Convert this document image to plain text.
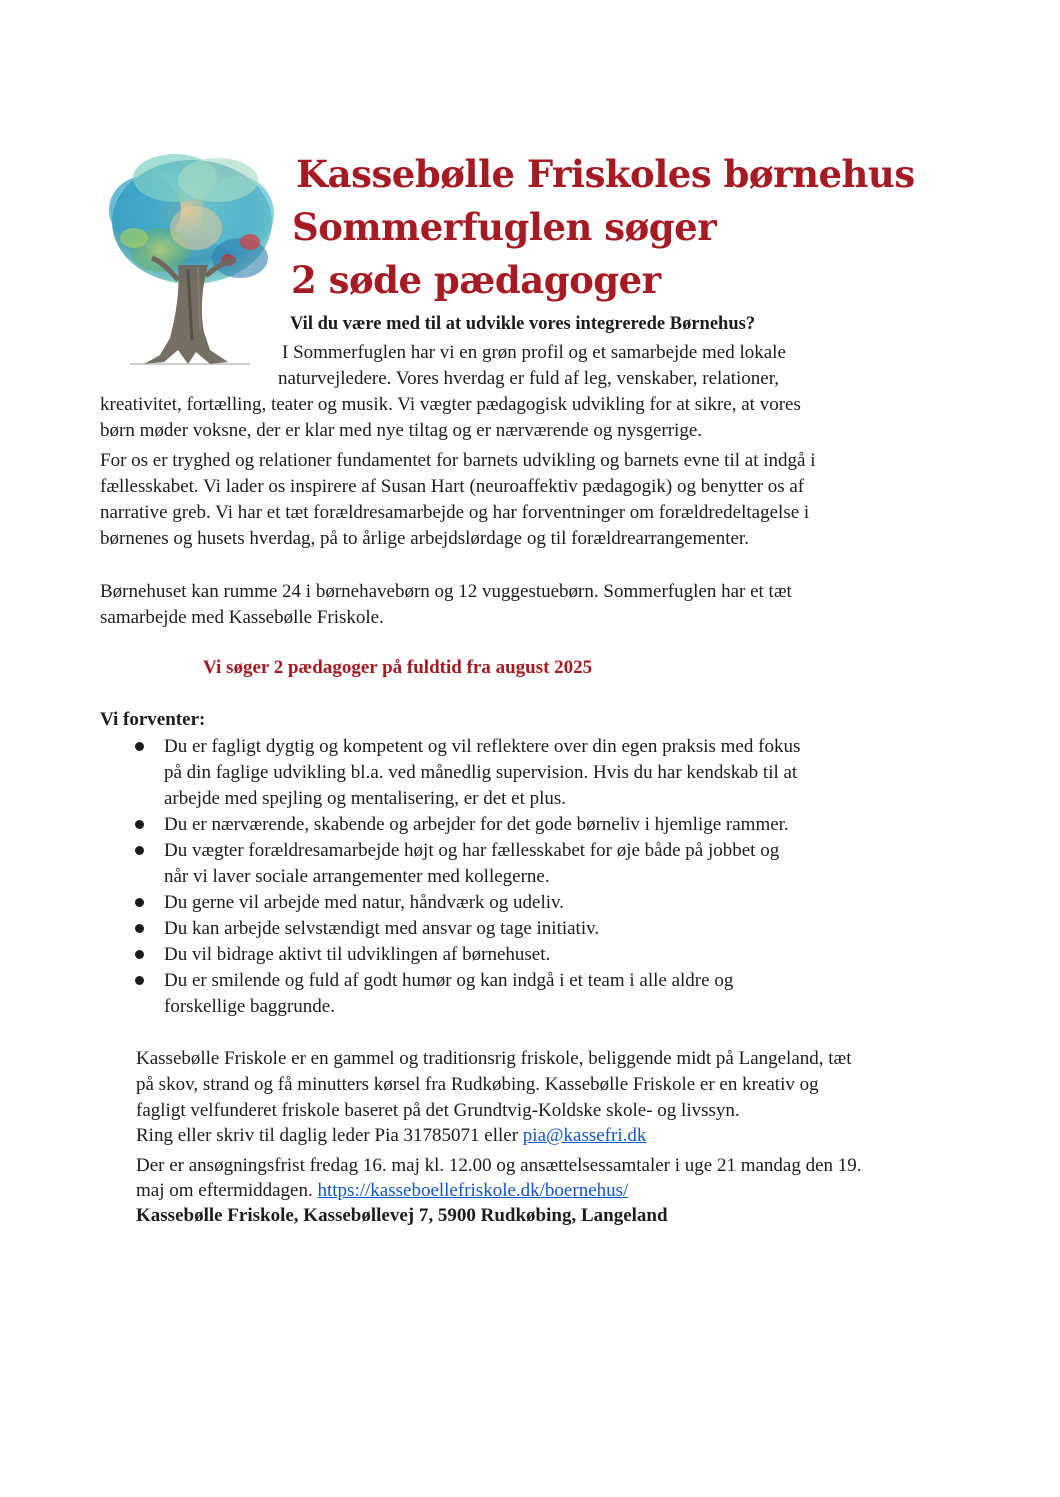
Kassebølle Friskoles børnehus
Sommerfuglen søger
2 søde pædagoger

Vil du være med til at udvikle vores integrerede Børnehus?

I Sommerfuglen har vi en grøn profil og et samarbejde med lokale

naturvejledere. Vores hverdag er fuld af leg, venskaber, relationer,

kreativitet, fortælling, teater og musik. Vi vægter pædagogisk udvikling for at sikre, at vores

børn møder voksne, der er klar med nye tiltag og er nærværende og nysgerrige.

For os er tryghed og relationer fundamentet for barnets udvikling og barnets evne til at indgå i

fællesskabet. Vi lader os inspirere af Susan Hart (neuroaffektiv pædagogik) og benytter os af

narrative greb. Vi har et tæt forældresamarbejde og har forventninger om forældredeltagelse i

børnenes og husets hverdag, på to årlige arbejdslørdage og til forældrearrangementer.

Børnehuset kan rumme 24 i børnehavebørn og 12 vuggestuebørn. Sommerfuglen har et tæt

samarbejde med Kassebølle Friskole.

Vi søger 2 pædagoger på fuldtid fra august 2025

Vi forventer:

Du er fagligt dygtig og kompetent og vil reflektere over din egen praksis med fokus

på din faglige udvikling bl.a. ved månedlig supervision. Hvis du har kendskab til at

arbejde med spejling og mentalisering, er det et plus.

Du er nærværende, skabende og arbejder for det gode børneliv i hjemlige rammer.

Du vægter forældresamarbejde højt og har fællesskabet for øje både på jobbet og

når vi laver sociale arrangementer med kollegerne.

Du gerne vil arbejde med natur, håndværk og udeliv.

Du kan arbejde selvstændigt med ansvar og tage initiativ.

Du vil bidrage aktivt til udviklingen af børnehuset.

Du er smilende og fuld af godt humør og kan indgå i et team i alle aldre og

forskellige baggrunde.

Kassebølle Friskole er en gammel og traditionsrig friskole, beliggende midt på Langeland, tæt

på skov, strand og få minutters kørsel fra Rudkøbing. Kassebølle Friskole er en kreativ og

fagligt velfunderet friskole baseret på det Grundtvig-Koldske skole- og livssyn.

Ring eller skriv til daglig leder Pia 31785071 eller pia@kassefri.dk

Der er ansøgningsfrist fredag 16. maj kl. 12.00 og ansættelsessamtaler i uge 21 mandag den 19.

maj om eftermiddagen. https://kasseboellefriskole.dk/boernehus/

Kassebølle Friskole, Kassebøllevej 7, 5900 Rudkøbing, Langeland
